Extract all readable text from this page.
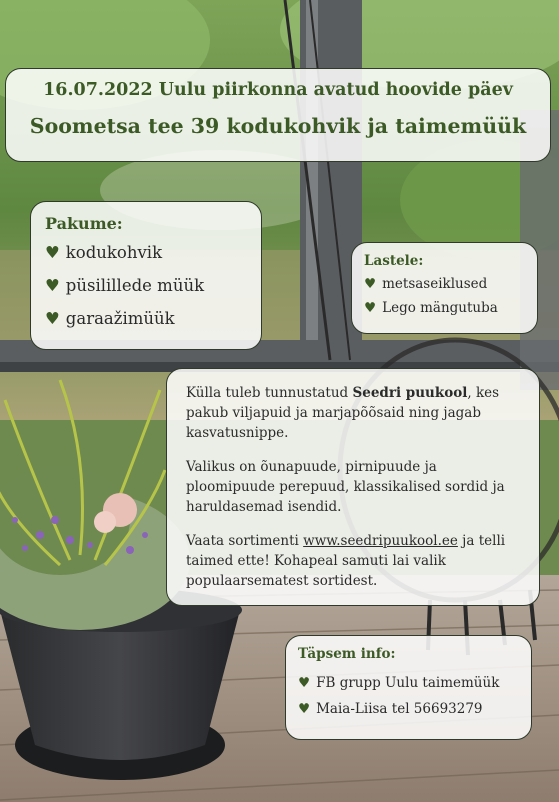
16.07.2022 Uulu piirkonna avatud hoovide päev
Soometsa tee 39 kodukohvik ja taimemüük
Pakume:
♥ kodukohvik
♥ püsilillede müük
♥ garaažimüük
Lastele:
♥ metsaseiklused
♥ Lego mängutuba

Külla tuleb tunnustatud Seedri puukool, kes pakub viljapuid ja marjapõõsaid ning jagab kasvatusnippe.

Valikus on õunapuude, pirnipuude ja ploomipuude perepuud, klassikalised sordid ja haruldasemad isendid.

Vaata sortimenti www.seedripuukool.ee ja telli taimed ette! Kohapeal samuti lai valik populaarsematest sortidest.

Täpsem info:
♥ FB grupp Uulu taimemüük
♥ Maia-Liisa tel 56693279
